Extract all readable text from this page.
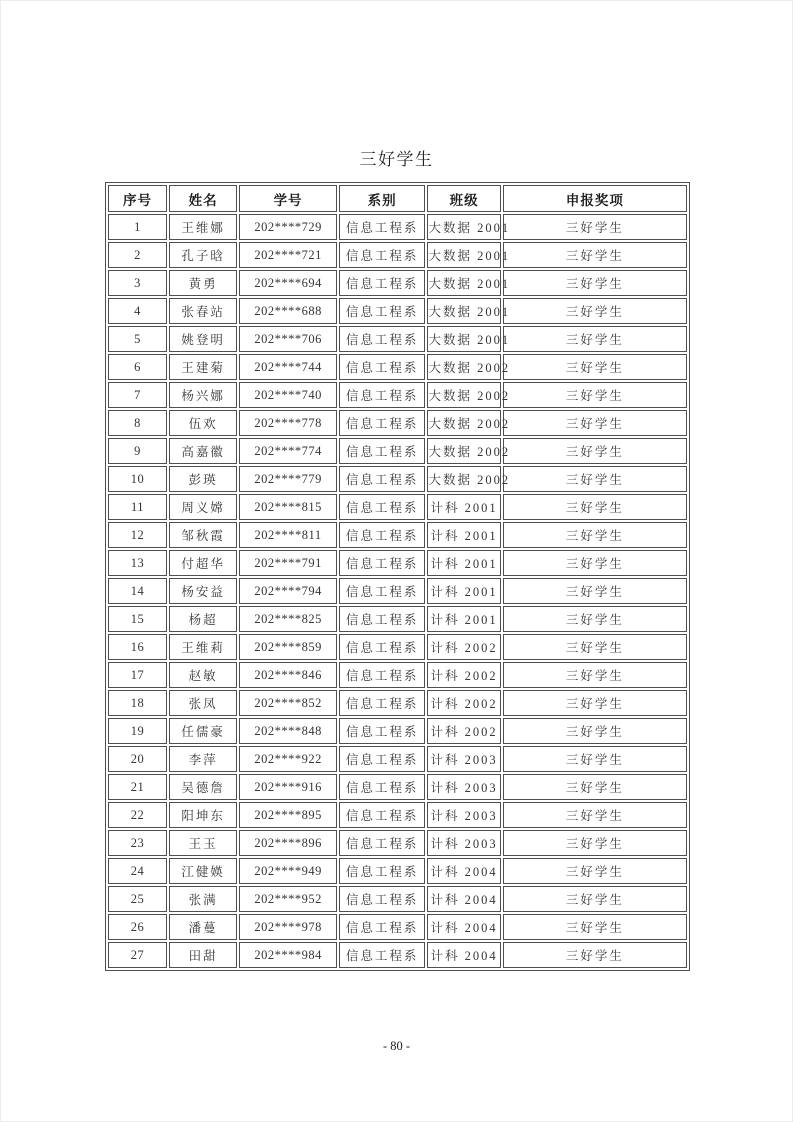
三好学生
序号	姓名	学号	系别	班级	申报奖项
1	王维娜	202****729	信息工程系	大数据 2001	三好学生
2	孔子晗	202****721	信息工程系	大数据 2001	三好学生
3	黄勇	202****694	信息工程系	大数据 2001	三好学生
4	张春站	202****688	信息工程系	大数据 2001	三好学生
5	姚登明	202****706	信息工程系	大数据 2001	三好学生
6	王建菊	202****744	信息工程系	大数据 2002	三好学生
7	杨兴娜	202****740	信息工程系	大数据 2002	三好学生
8	伍欢	202****778	信息工程系	大数据 2002	三好学生
9	高嘉徽	202****774	信息工程系	大数据 2002	三好学生
10	彭瑛	202****779	信息工程系	大数据 2002	三好学生
11	周义嫦	202****815	信息工程系	计科 2001	三好学生
12	邹秋霞	202****811	信息工程系	计科 2001	三好学生
13	付超华	202****791	信息工程系	计科 2001	三好学生
14	杨安益	202****794	信息工程系	计科 2001	三好学生
15	杨超	202****825	信息工程系	计科 2001	三好学生
16	王维莉	202****859	信息工程系	计科 2002	三好学生
17	赵敏	202****846	信息工程系	计科 2002	三好学生
18	张凤	202****852	信息工程系	计科 2002	三好学生
19	任儒豪	202****848	信息工程系	计科 2002	三好学生
20	李萍	202****922	信息工程系	计科 2003	三好学生
21	吴德詹	202****916	信息工程系	计科 2003	三好学生
22	阳坤东	202****895	信息工程系	计科 2003	三好学生
23	王玉	202****896	信息工程系	计科 2003	三好学生
24	江健媖	202****949	信息工程系	计科 2004	三好学生
25	张满	202****952	信息工程系	计科 2004	三好学生
26	潘蔓	202****978	信息工程系	计科 2004	三好学生
27	田甜	202****984	信息工程系	计科 2004	三好学生
- 80 -
